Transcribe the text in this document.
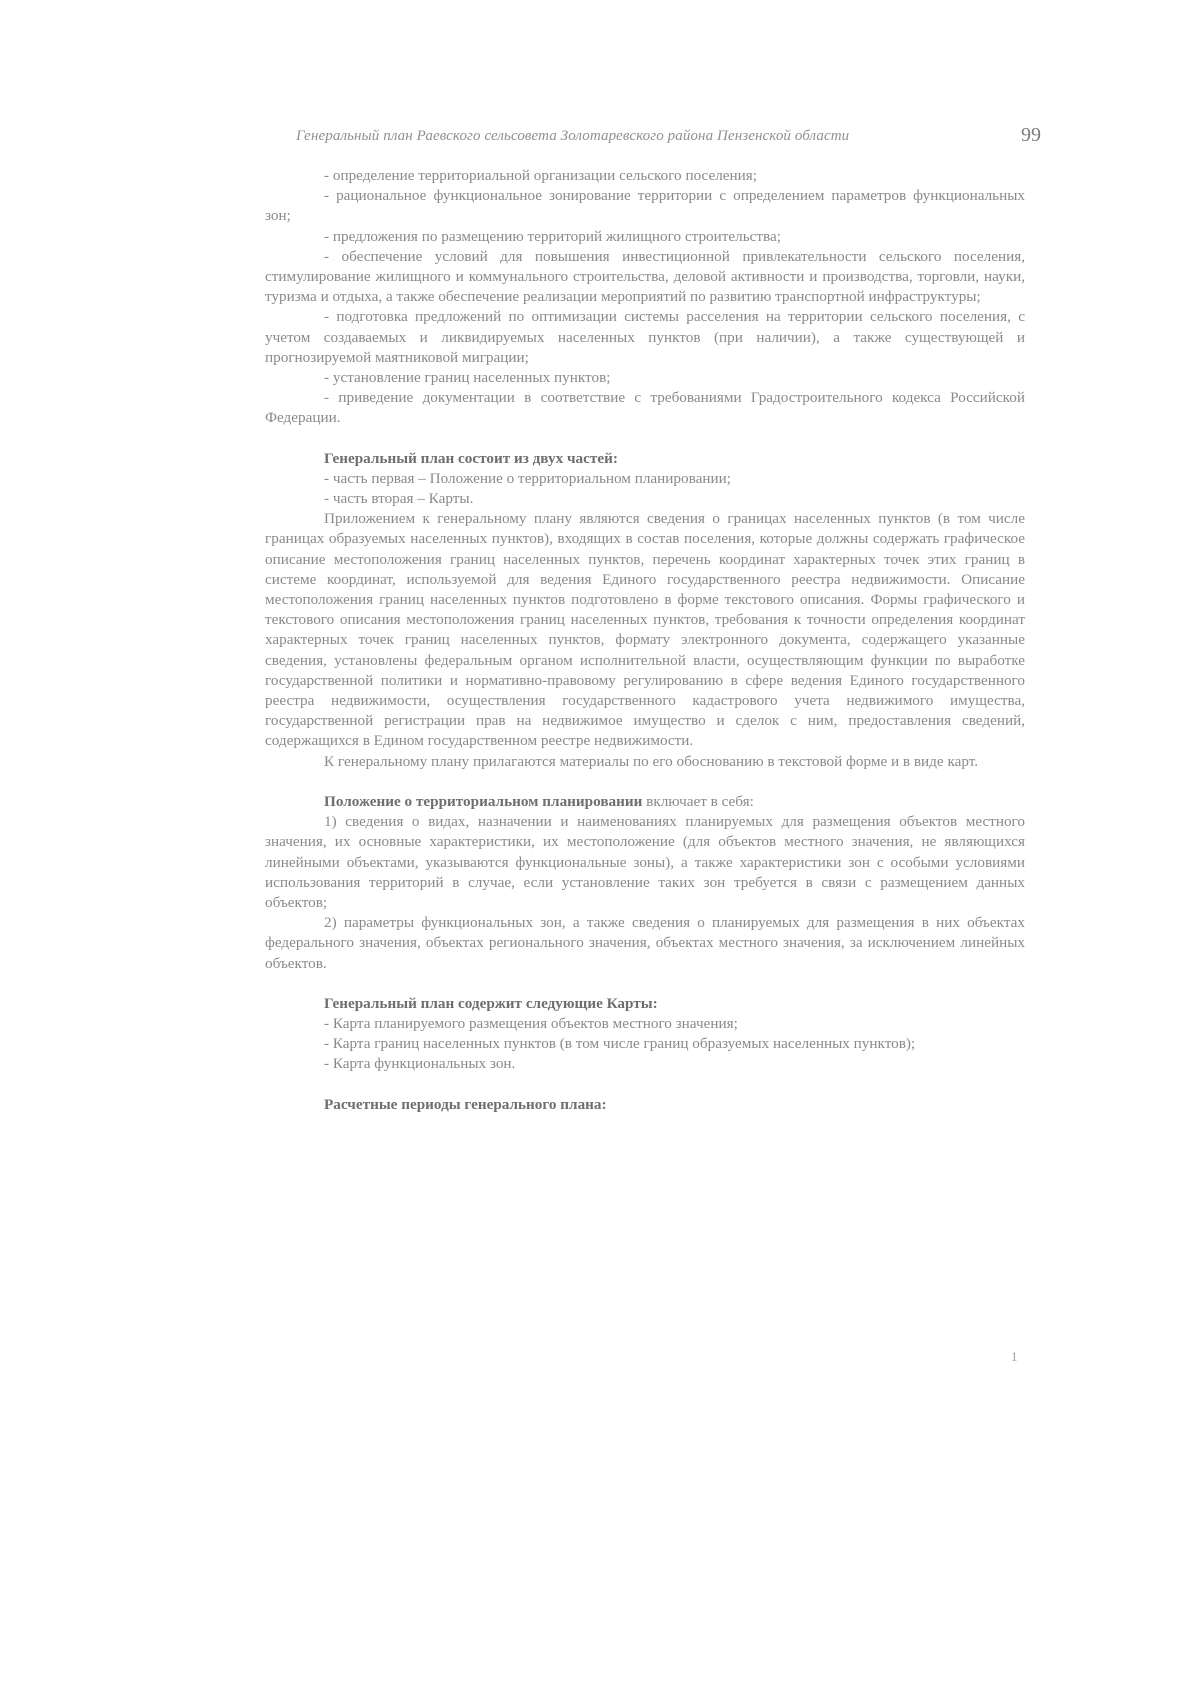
Генеральный план Раевского сельсовета Золотаревского района Пензенской области	99

- определение территориальной организации сельского поселения;

- рациональное функциональное зонирование территории с определением параметров функциональных зон;

- предложения по размещению территорий жилищного строительства;

- обеспечение условий для повышения инвестиционной привлекательности сельского поселения, стимулирование жилищного и коммунального строительства, деловой активности и производства, торговли, науки, туризма и отдыха, а также обеспечение реализации мероприятий по развитию транспортной инфраструктуры;

- подготовка предложений по оптимизации системы расселения на территории сельского поселения, с учетом создаваемых и ликвидируемых населенных пунктов (при наличии), а также существующей и прогнозируемой маятниковой миграции;

- установление границ населенных пунктов;

- приведение документации в соответствие с требованиями Градостроительного кодекса Российской Федерации.

Генеральный план состоит из двух частей:

- часть первая – Положение о территориальном планировании;

- часть вторая – Карты.

Приложением к генеральному плану являются сведения о границах населенных пунктов (в том числе границах образуемых населенных пунктов), входящих в состав поселения, которые должны содержать графическое описание местоположения границ населенных пунктов, перечень координат характерных точек этих границ в системе координат, используемой для ведения Единого государственного реестра недвижимости. Описание местоположения границ населенных пунктов подготовлено в форме текстового описания. Формы графического и текстового описания местоположения границ населенных пунктов, требования к точности определения координат характерных точек границ населенных пунктов, формату электронного документа, содержащего указанные сведения, установлены федеральным органом исполнительной власти, осуществляющим функции по выработке государственной политики и нормативно-правовому регулированию в сфере ведения Единого государственного реестра недвижимости, осуществления государственного кадастрового учета недвижимого имущества, государственной регистрации прав на недвижимое имущество и сделок с ним, предоставления сведений, содержащихся в Едином государственном реестре недвижимости.

К генеральному плану прилагаются материалы по его обоснованию в текстовой форме и в виде карт.

Положение о территориальном планировании включает в себя:

1) сведения о видах, назначении и наименованиях планируемых для размещения объектов местного значения, их основные характеристики, их местоположение (для объектов местного значения, не являющихся линейными объектами, указываются функциональные зоны), а также характеристики зон с особыми условиями использования территорий в случае, если установление таких зон требуется в связи с размещением данных объектов;

2) параметры функциональных зон, а также сведения о планируемых для размещения в них объектах федерального значения, объектах регионального значения, объектах местного значения, за исключением линейных объектов.

Генеральный план содержит следующие Карты:

- Карта планируемого размещения объектов местного значения;

- Карта границ населенных пунктов (в том числе границ образуемых населенных пунктов);

- Карта функциональных зон.

Расчетные периоды генерального плана:

1
